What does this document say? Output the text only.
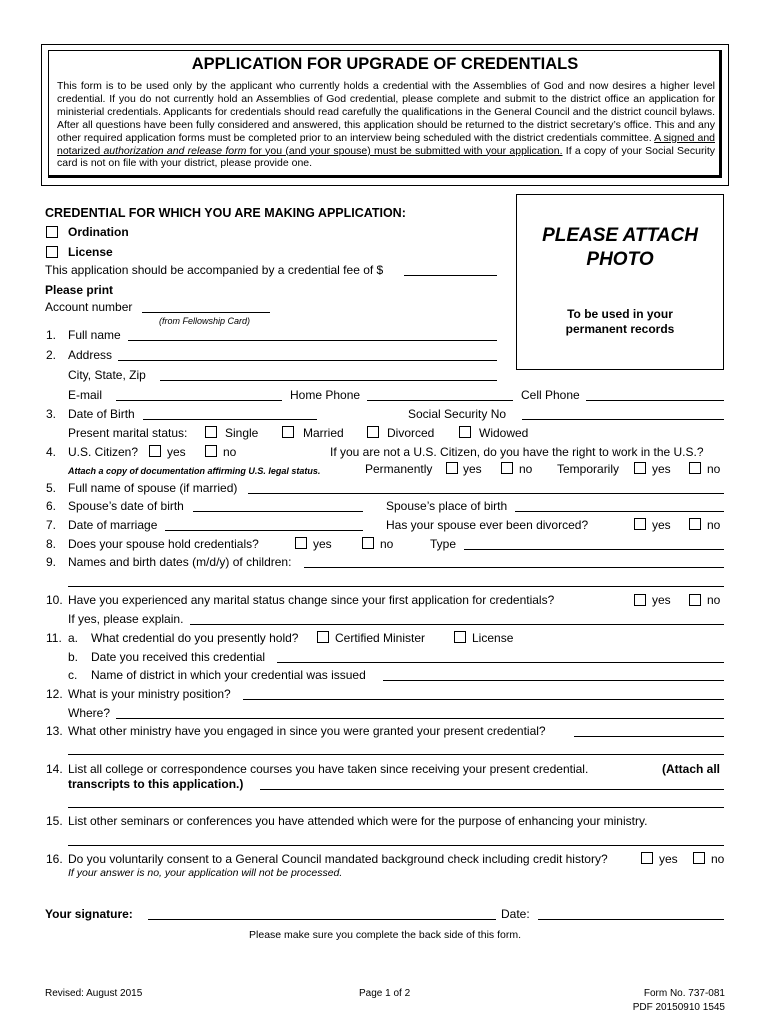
APPLICATION FOR UPGRADE OF CREDENTIALS
This form is to be used only by the applicant who currently holds a credential with the Assemblies of God and now desires a higher level credential. If you do not currently hold an Assemblies of God credential, please complete and submit to the district office an application for ministerial credentials. Applicants for credentials should read carefully the qualifications in the General Council and the district council bylaws. After all questions have been fully considered and answered, this application should be returned to the district secretary’s office. This and any other required application forms must be completed prior to an interview being scheduled with the district credentials committee. A signed and notarized authorization and release form for you (and your spouse) must be submitted with your application. If a copy of your Social Security card is not on file with your district, please provide one.
PLEASE ATTACH
PHOTO
To be used in your
permanent records
CREDENTIAL FOR WHICH YOU ARE MAKING APPLICATION:
Ordination
License
This application should be accompanied by a credential fee of $
Please print
Account number
(from Fellowship Card)
1. Full name
2. Address
City, State, Zip
E-mail	Home Phone	Cell Phone
3. Date of Birth	Social Security No
Present marital status:	Single	Married	Divorced	Widowed
4. U.S. Citizen? yes	no	If you are not a U.S. Citizen, do you have the right to work in the U.S.?
Attach a copy of documentation affirming U.S. legal status.	Permanently	yes	no Temporarily	yes	no
5. Full name of spouse (if married)
6. Spouse’s date of birth	Spouse’s place of birth
7. Date of marriage	Has your spouse ever been divorced?	yes	no
8. Does your spouse hold credentials?	yes	no	Type
9. Names and birth dates (m/d/y) of children:
10. Have you experienced any marital status change since your first application for credentials?	yes	no
If yes, please explain.
11. a. What credential do you presently hold?	Certified Minister	License
b. Date you received this credential
c. Name of district in which your credential was issued
12. What is your ministry position?
Where?
13. What other ministry have you engaged in since you were granted your present credential?
14. List all college or correspondence courses you have taken since receiving your present credential.	(Attach all
transcripts to this application.)
15. List other seminars or conferences you have attended which were for the purpose of enhancing your ministry.
16. Do you voluntarily consent to a General Council mandated background check including credit history?	yes	no
If your answer is no, your application will not be processed.
Your signature:	Date:
Please make sure you complete the back side of this form.
Revised: August 2015	Page 1 of 2	Form No. 737-081
PDF 20150910 1545
